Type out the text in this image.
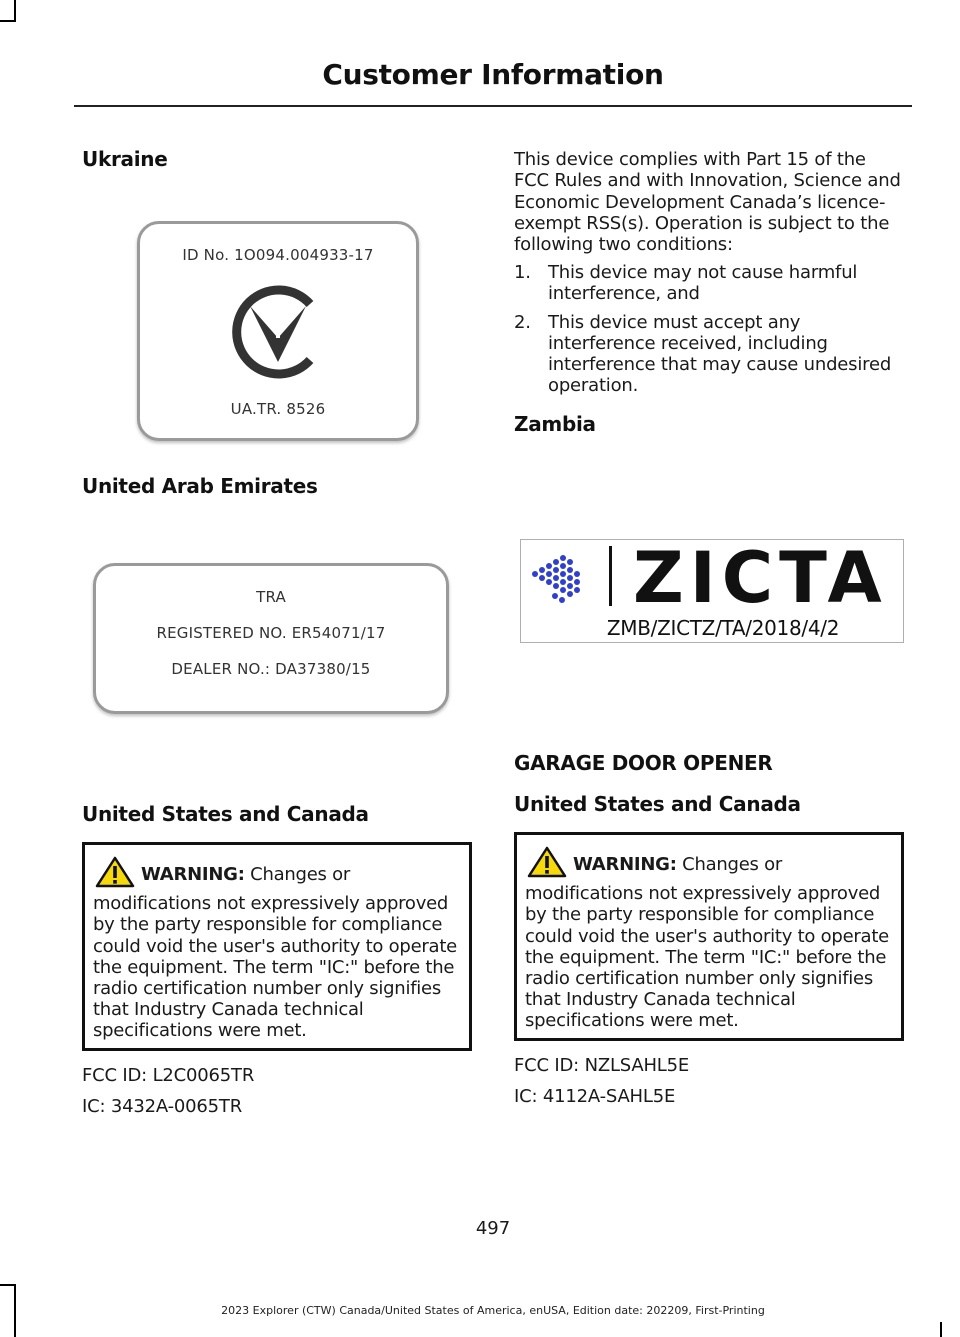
Customer Information
Ukraine
ID No. 1O094.004933-17
UA.TR. 8526
United Arab Emirates
TRA
REGISTERED NO. ER54071/17
DEALER NO.: DA37380/15
United States and Canada
WARNING: Changes or modifications not expressively approved by the party responsible for compliance could void the user's authority to operate the equipment. The term "IC:" before the radio certification number only signifies that Industry Canada technical specifications were met.
FCC ID: L2C0065TR
IC: 3432A-0065TR
This device complies with Part 15 of the FCC Rules and with Innovation, Science and Economic Development Canada’s licence-exempt RSS(s). Operation is subject to the following two conditions:
1. This device may not cause harmful interference, and
2. This device must accept any interference received, including interference that may cause undesired operation.
Zambia
ZICTA
ZMB/ZICTZ/TA/2018/4/2
GARAGE DOOR OPENER
United States and Canada
WARNING: Changes or modifications not expressively approved by the party responsible for compliance could void the user's authority to operate the equipment. The term "IC:" before the radio certification number only signifies that Industry Canada technical specifications were met.
FCC ID: NZLSAHL5E
IC: 4112A-SAHL5E
497
2023 Explorer (CTW) Canada/United States of America, enUSA, Edition date: 202209, First-Printing
